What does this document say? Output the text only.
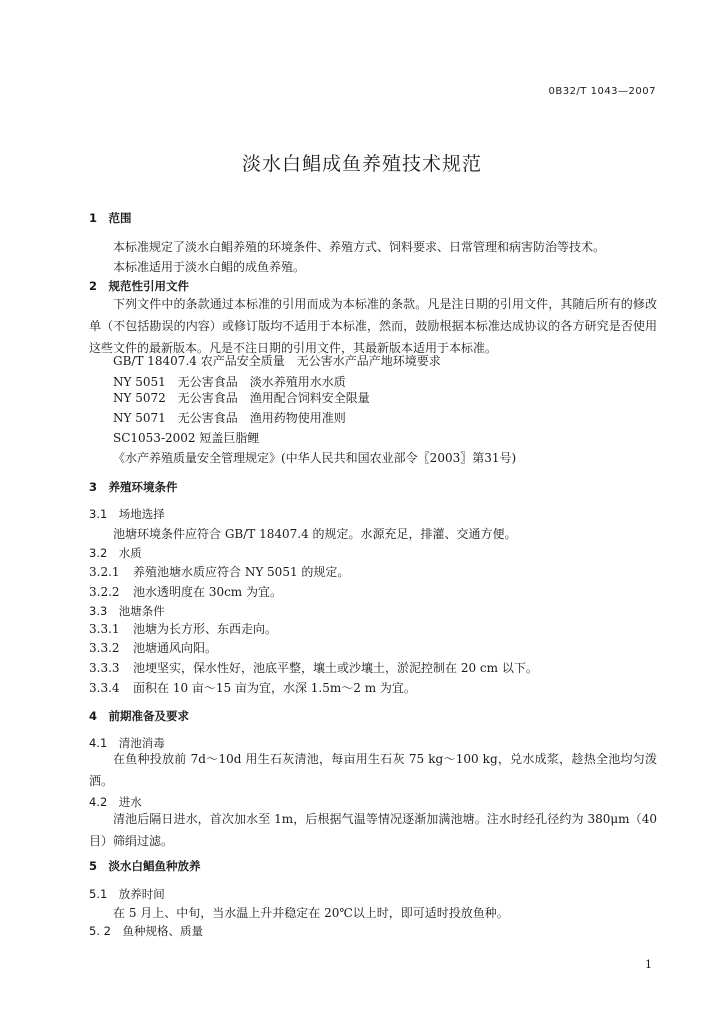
0B32/T 1043—2007
淡水白鲳成鱼养殖技术规范
1　范围
本标准规定了淡水白鲳养殖的环境条件、养殖方式、饲料要求、日常管理和病害防治等技术。
本标准适用于淡水白鲳的成鱼养殖。
2　规范性引用文件
下列文件中的条款通过本标准的引用而成为本标准的条款。凡是注日期的引用文件，其随后所有的修改单（不包括勘误的内容）或修订版均不适用于本标准，然而，鼓励根据本标准达成协议的各方研究是否使用这些文件的最新版本。凡是不注日期的引用文件，其最新版本适用于本标准。
GB/T 18407.4 农产品安全质量　无公害水产品产地环境要求
NY 5051　无公害食品　淡水养殖用水水质
NY 5072　无公害食品　渔用配合饲料安全限量
NY 5071　无公害食品　渔用药物使用准则
SC1053-2002 短盖巨脂鲤
《水产养殖质量安全管理规定》(中华人民共和国农业部令〖2003〗第31号)
3　养殖环境条件
3.1　场地选择
池塘环境条件应符合 GB/T 18407.4 的规定。水源充足，排灌、交通方便。
3.2　水质
3.2.1 养殖池塘水质应符合 NY 5051 的规定。
3.2.2 池水透明度在 30cm 为宜。
3.3　池塘条件
3.3.1 池塘为长方形、东西走向。
3.3.2 池塘通风向阳。
3.3.3 池埂坚实，保水性好，池底平整，壤土或沙壤土，淤泥控制在 20 cm 以下。
3.3.4 面积在 10 亩～15 亩为宜，水深 1.5m～2 m 为宜。
4　前期准备及要求
4.1　清池消毒
在鱼种投放前 7d～10d 用生石灰清池，每亩用生石灰 75 kg～100 kg，兑水成浆，趁热全池均匀泼洒。
4.2　进水
清池后隔日进水，首次加水至 1m，后根据气温等情况逐渐加满池塘。注水时经孔径约为 380μm（40目）筛绢过滤。
5　淡水白鲳鱼种放养
5.1　放养时间
在 5 月上、中旬，当水温上升并稳定在 20℃以上时，即可适时投放鱼种。
5. 2　鱼种规格、质量
1
